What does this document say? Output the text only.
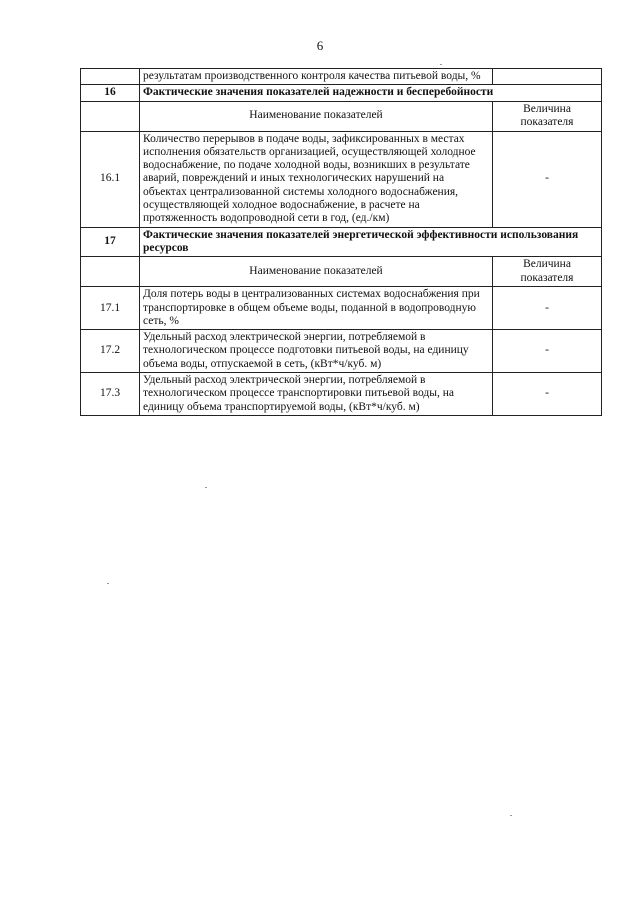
6
	результатам производственного контроля качества питьевой воды, %	
16	Фактические значения показателей надежности и бесперебойности	
	Наименование показателей	Величина показателя
16.1	Количество перерывов в подаче воды, зафиксированных в местах исполнения обязательств организацией, осуществляющей холодное водоснабжение, по подаче холодной воды, возникших в результате аварий, повреждений и иных технологических нарушений на объектах централизованной системы холодного водоснабжения, осуществляющей холодное водоснабжение, в расчете на протяженность водопроводной сети в год, (ед./км)	-
17	Фактические значения показателей энергетической эффективности использования ресурсов	
	Наименование показателей	Величина показателя
17.1	Доля потерь воды в централизованных системах водоснабжения при транспортировке в общем объеме воды, поданной в водопроводную сеть, %	-
17.2	Удельный расход электрической энергии, потребляемой в технологическом процессе подготовки питьевой воды, на единицу объема воды, отпускаемой в сеть, (кВт*ч/куб. м)	-
17.3	Удельный расход электрической энергии, потребляемой в технологическом процессе транспортировки питьевой воды, на единицу объема транспортируемой воды, (кВт*ч/куб. м)	-
